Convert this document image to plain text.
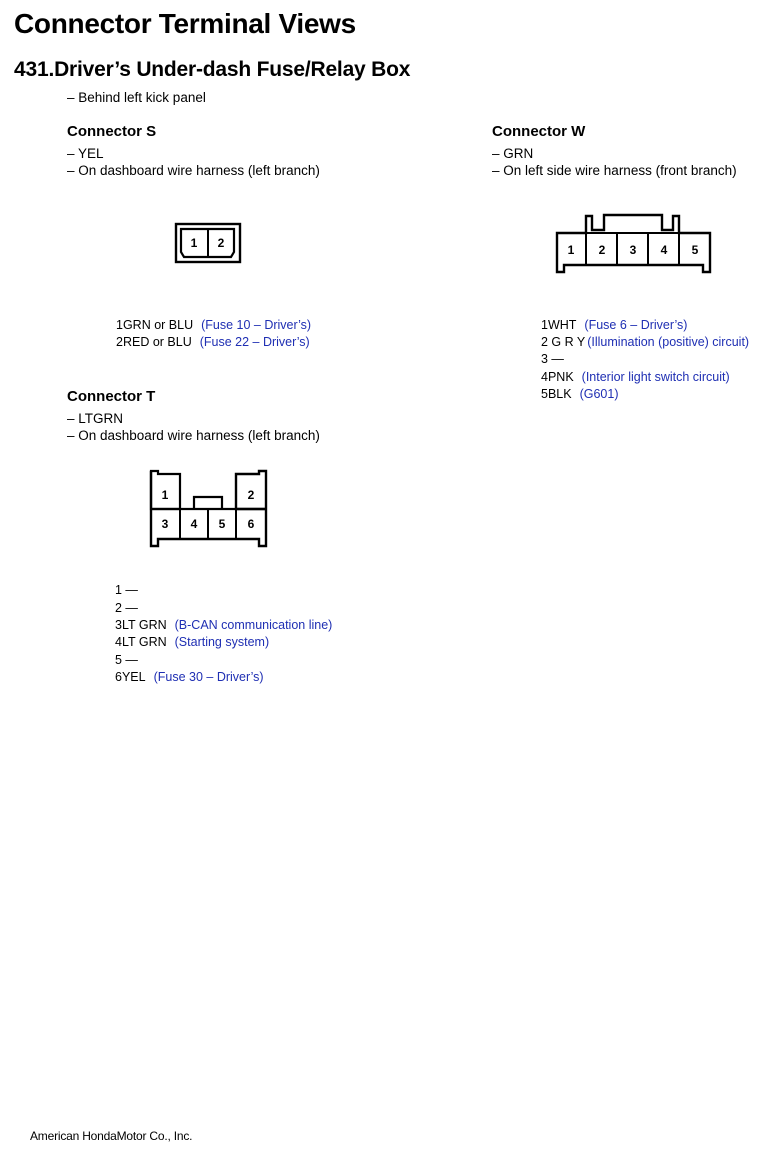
Connector Terminal Views
431.Driver’s Under-dash Fuse/Relay Box
– Behind left kick panel
Connector S
– YEL
– On dashboard wire harness (left branch)
1 2
1GRN or BLU (Fuse 10 – Driver’s)
2RED or BLU (Fuse 22 – Driver’s)
Connector W
– GRN
– On left side wire harness (front branch)
1 2 3 4 5
1WHT (Fuse 6 – Driver’s)
2 G R Y (Illumination (positive) circuit)
3 —
4PNK (Interior light switch circuit)
5BLK (G601)
Connector T
– LTGRN
– On dashboard wire harness (left branch)
1	2
3 4 5 6
1 —
2 —
3LT GRN (B-CAN communication line)
4LT GRN (Starting system)
5 —
6YEL (Fuse 30 – Driver’s)
American HondaMotor Co., Inc.
